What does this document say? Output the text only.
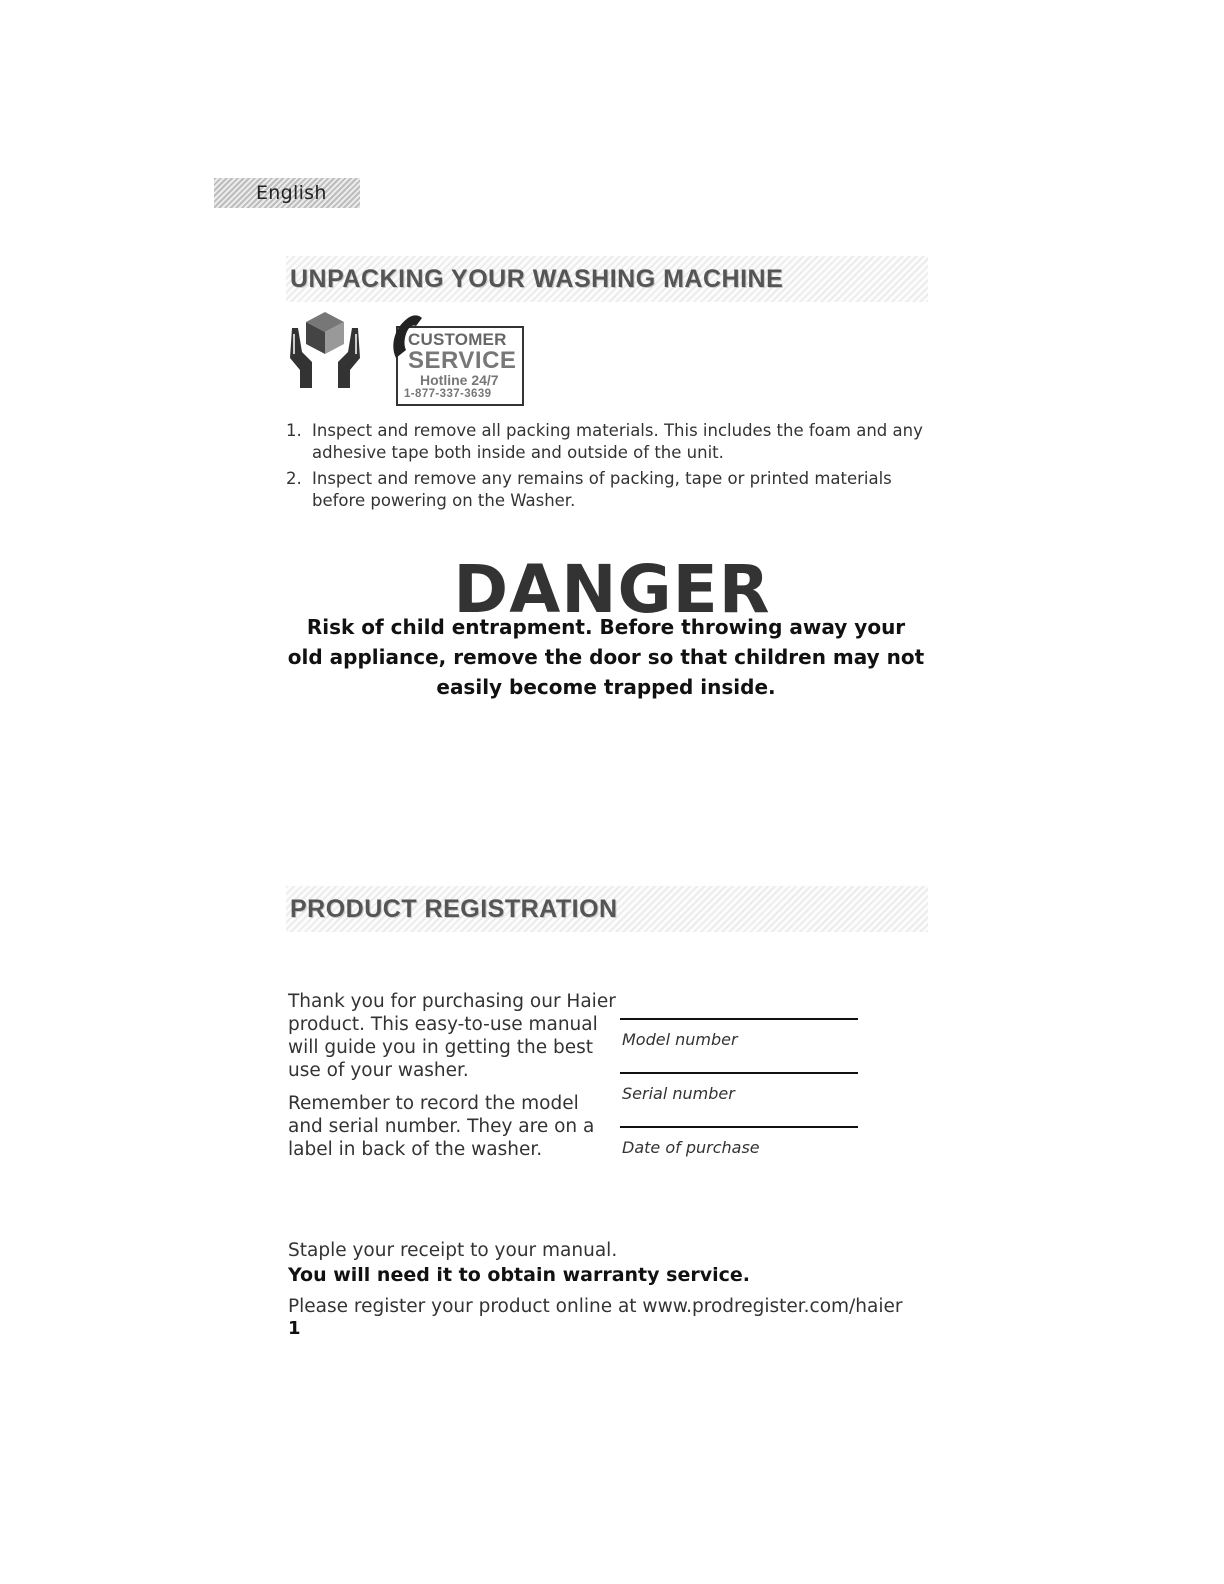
English
UNPACKING YOUR WASHING MACHINE
CUSTOMER
SERVICE
Hotline 24/7
1-877-337-3639
1. Inspect and remove all packing materials. This includes the foam and any adhesive tape both inside and outside of the unit.
2. Inspect and remove any remains of packing, tape or printed materials before powering on the Washer.
DANGER
Risk of child entrapment. Before throwing away your old appliance, remove the door so that children may not easily become trapped inside.
PRODUCT REGISTRATION

Thank you for purchasing our Haier product. This easy-to-use manual will guide you in getting the best use of your washer.

Remember to record the model and serial number. They are on a label in back of the washer.

Model number
Serial number
Date of purchase
Staple your receipt to your manual.
You will need it to obtain warranty service.
Please register your product online at www.prodregister.com/haier
1
